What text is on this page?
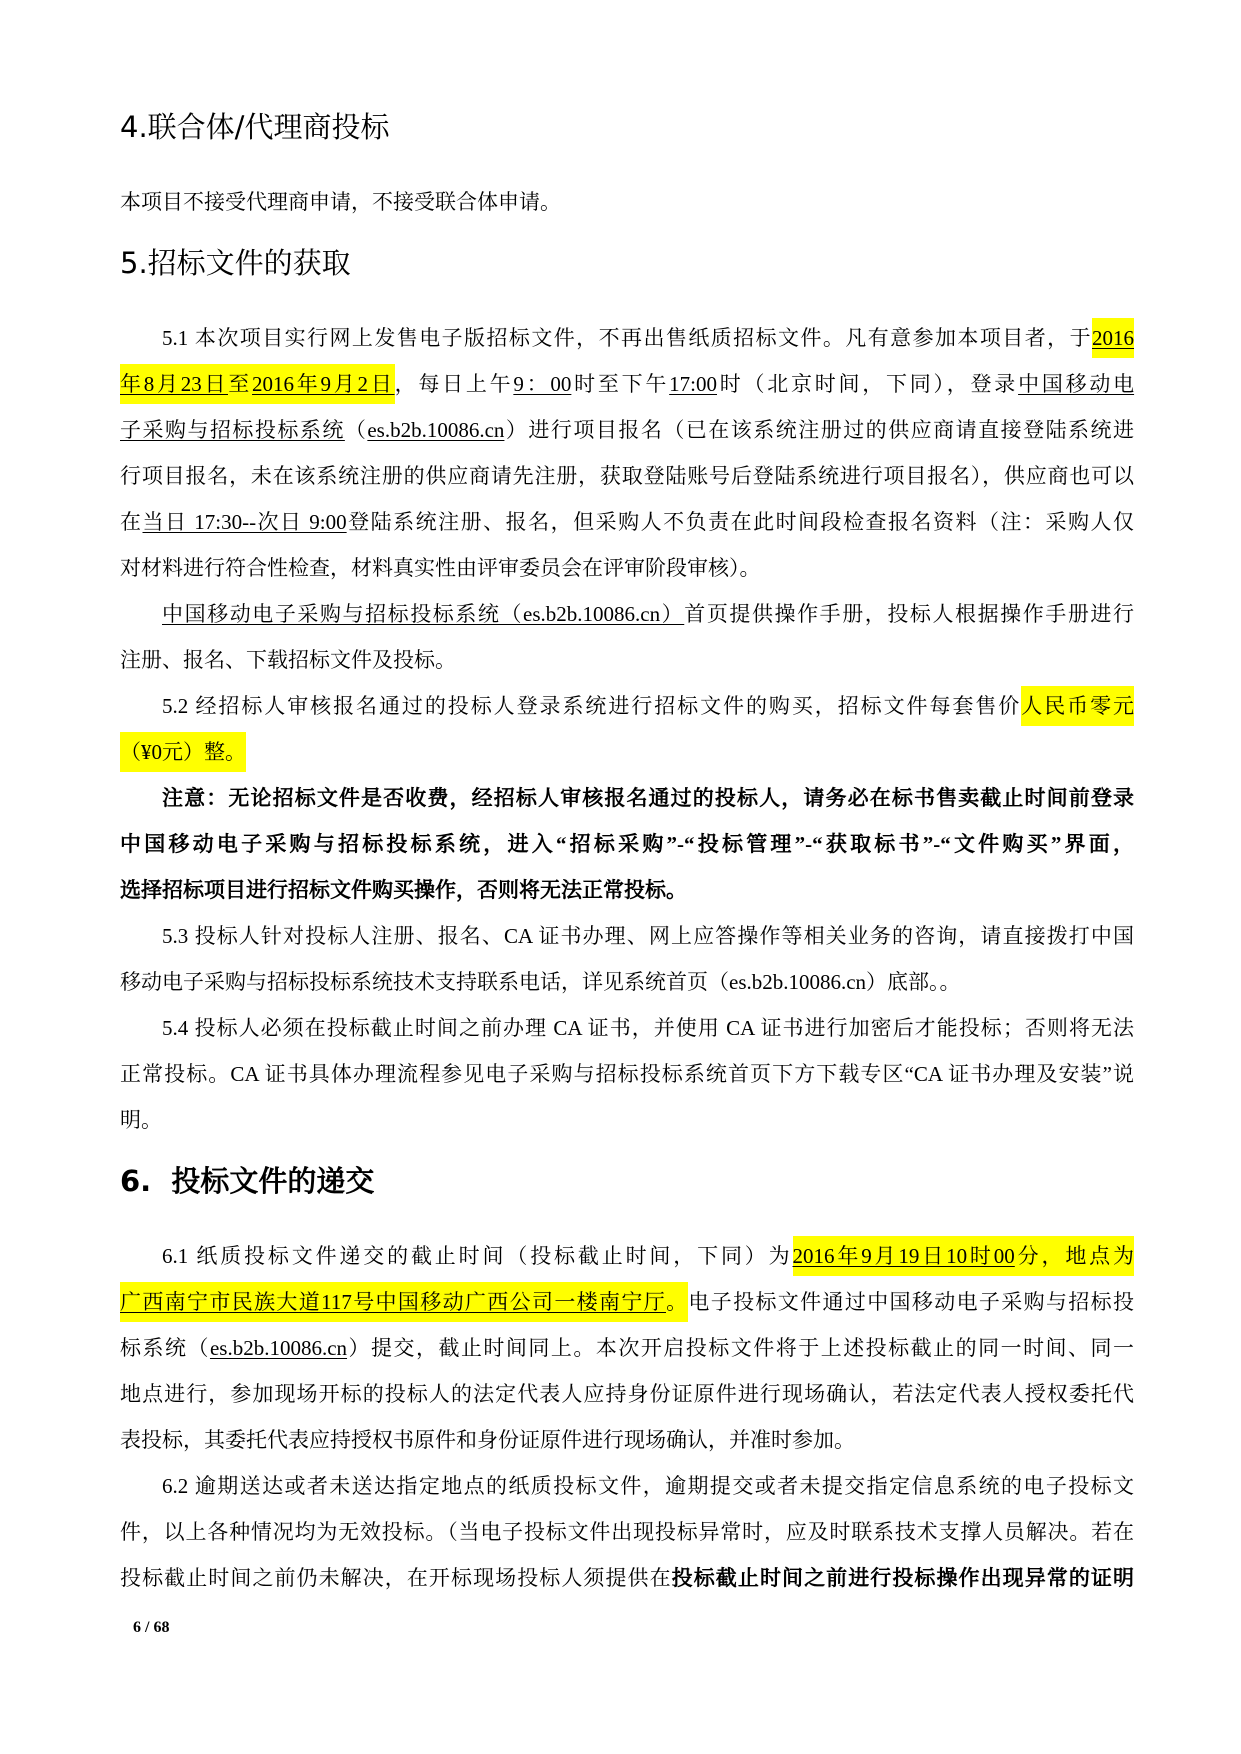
4.联合体/代理商投标
本项目不接受代理商申请，不接受联合体申请。
5.招标文件的获取
5.1 本次项目实行网上发售电子版招标文件，不再出售纸质招标文件。凡有意参加本项目者，于2016
年8月23日至2016年9月2日，每日上午9：00时至下午17:00时（北京时间，下同），登录中国移动电
子采购与招标投标系统（es.b2b.10086.cn）进行项目报名（已在该系统注册过的供应商请直接登陆系统进
行项目报名，未在该系统注册的供应商请先注册，获取登陆账号后登陆系统进行项目报名），供应商也可以
在当日 17:30--次日 9:00登陆系统注册、报名，但采购人不负责在此时间段检查报名资料（注：采购人仅
对材料进行符合性检查，材料真实性由评审委员会在评审阶段审核）。
中国移动电子采购与招标投标系统（es.b2b.10086.cn）首页提供操作手册，投标人根据操作手册进行
注册、报名、下载招标文件及投标。
5.2 经招标人审核报名通过的投标人登录系统进行招标文件的购买，招标文件每套售价人民币零元
（¥0元）整。
注意：无论招标文件是否收费，经招标人审核报名通过的投标人，请务必在标书售卖截止时间前登录
中国移动电子采购与招标投标系统，进入“招标采购”-“投标管理”-“获取标书”-“文件购买”界面，
选择招标项目进行招标文件购买操作，否则将无法正常投标。
5.3 投标人针对投标人注册、报名、CA 证书办理、网上应答操作等相关业务的咨询，请直接拨打中国
移动电子采购与招标投标系统技术支持联系电话，详见系统首页（es.b2b.10086.cn）底部。。
5.4 投标人必须在投标截止时间之前办理 CA 证书，并使用 CA 证书进行加密后才能投标；否则将无法
正常投标。CA 证书具体办理流程参见电子采购与招标投标系统首页下方下载专区“CA 证书办理及安装”说
明。
6.  投标文件的递交
6.1 纸质投标文件递交的截止时间（投标截止时间，下同）为2016年9月19日10时00分，地点为
广西南宁市民族大道117号中国移动广西公司一楼南宁厅。电子投标文件通过中国移动电子采购与招标投
标系统（es.b2b.10086.cn）提交，截止时间同上。本次开启投标文件将于上述投标截止的同一时间、同一
地点进行，参加现场开标的投标人的法定代表人应持身份证原件进行现场确认，若法定代表人授权委托代
表投标，其委托代表应持授权书原件和身份证原件进行现场确认，并准时参加。
6.2 逾期送达或者未送达指定地点的纸质投标文件，逾期提交或者未提交指定信息系统的电子投标文
件，以上各种情况均为无效投标。（当电子投标文件出现投标异常时，应及时联系技术支撑人员解决。若在
投标截止时间之前仍未解决，在开标现场投标人须提供在投标截止时间之前进行投标操作出现异常的证明
6 / 68
